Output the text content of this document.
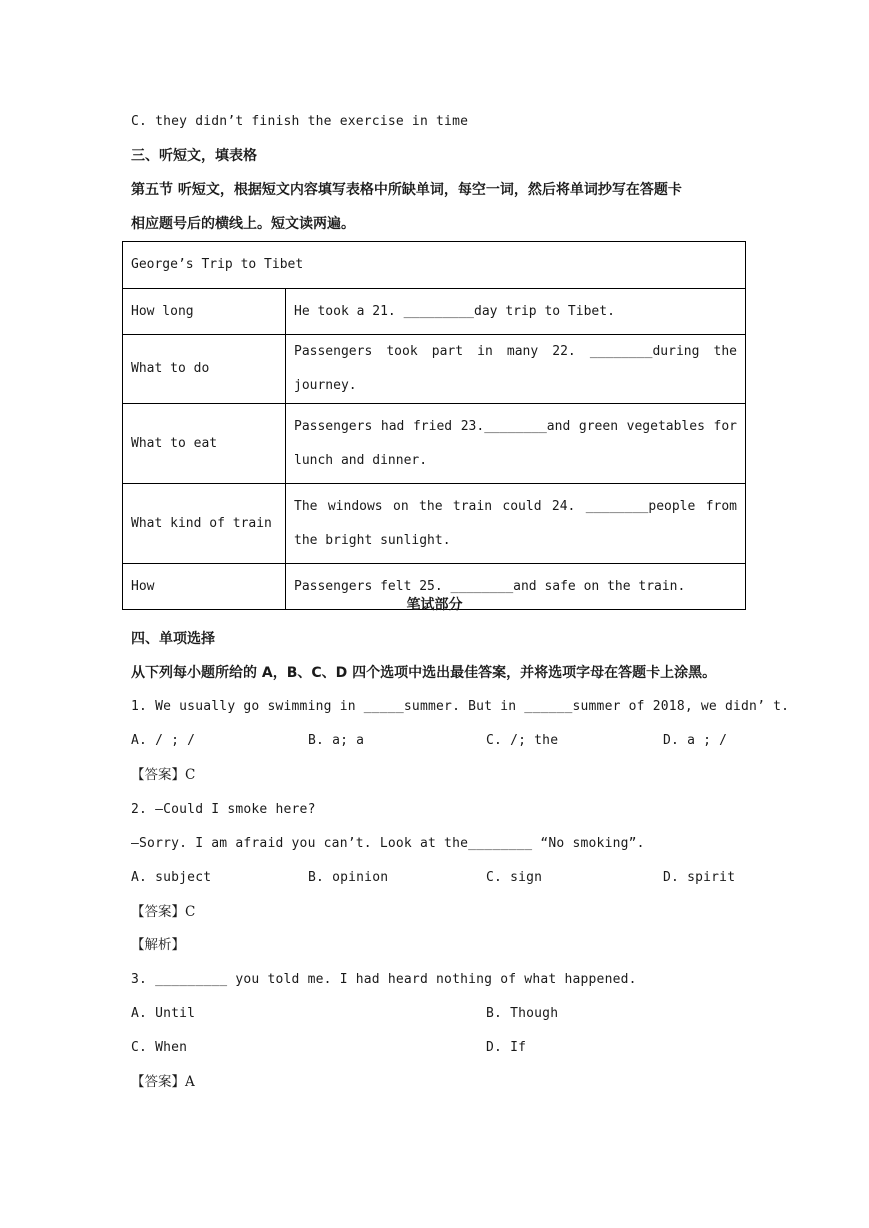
C. they didn’t finish the exercise in time
三、听短文，填表格
第五节 听短文，根据短文内容填写表格中所缺单词，每空一词，然后将单词抄写在答题卡
相应题号后的横线上。短文读两遍。
George’s Trip to Tibet	
How long	He took a 21. _________day trip to Tibet.
What to do	Passengers took part in many 22. ________during the journey.
What to eat	Passengers had fried 23.________and green vegetables for lunch and dinner.
What kind of train	The windows on the train could 24. ________people from the bright sunlight.
How	Passengers felt 25. ________and safe on the train.
笔试部分
四、单项选择
从下列每小题所给的 A，B、C、D 四个选项中选出最佳答案，并将选项字母在答题卡上涂黑。
1. We usually go swimming in _____summer. But in ______summer of 2018, we didn’ t.
A. / ; /	B. a; a	C. /; the	D. a ; /
【答案】C
2. —Could I smoke here?
—Sorry. I am afraid you can’t. Look at the________ “No smoking”.
A. subject	B. opinion	C. sign	D. spirit
【答案】C
【解析】
3. _________ you told me. I had heard nothing of what happened.
A. Until	B. Though
C. When	D. If
【答案】A
